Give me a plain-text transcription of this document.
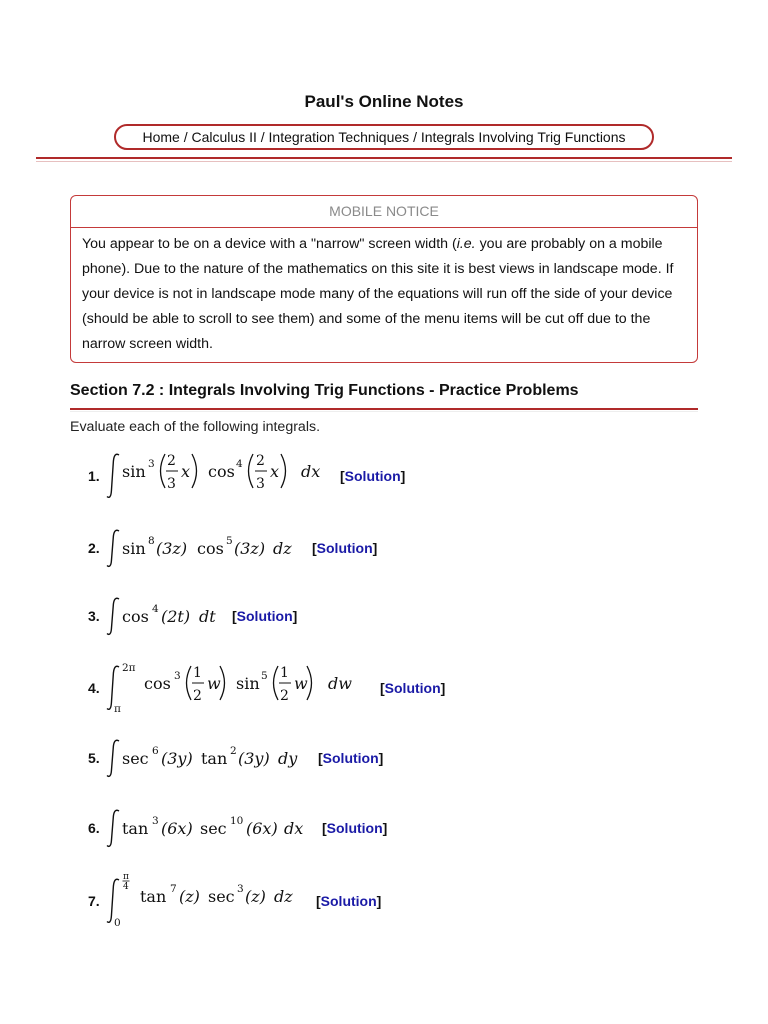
Paul's Online Notes
Home / Calculus II / Integration Techniques / Integrals Involving Trig Functions
MOBILE NOTICE
You appear to be on a device with a "narrow" screen width (i.e. you are probably on a mobile phone). Due to the nature of the mathematics on this site it is best views in landscape mode. If your device is not in landscape mode many of the equations will run off the side of your device (should be able to scroll to see them) and some of the menu items will be cut off due to the narrow screen width.
Section 7.2 : Integrals Involving Trig Functions - Practice Problems
Evaluate each of the following integrals.
1.	sin 3 2
3
x cos 4 2
3
x dx [Solution]
2.	sin 8 (3z) cos 5 (3z) dz [Solution]
3.	cos 4 (2t) dt [Solution]
4.
2π
π
cos 3 1
2
w sin 5 1
2
w dw [Solution]
5.	sec 6 (3y) tan 2 (3y) dy [Solution]
6.	tan 3 (6x) sec 10 (6x) dx [Solution]
7.
π
4
0
tan 7 (z) sec 3 (z) dz [Solution]
